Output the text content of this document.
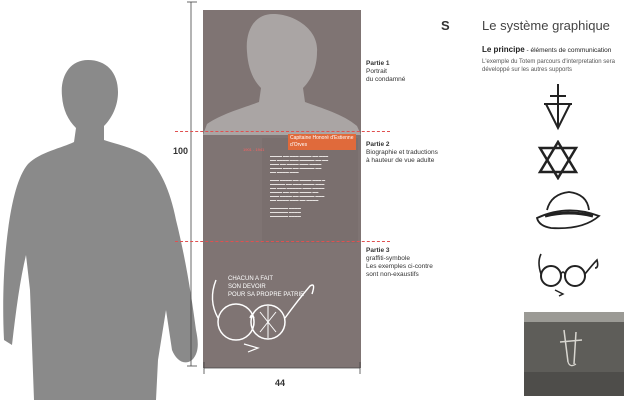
100	▬▬▬▬ ▬▬ ▬▬▬ ▬▬▬▬ ▬▬ ▬▬▬
▬▬ ▬▬▬▬ ▬▬▬ ▬▬▬▬▬ ▬▬ ▬▬
▬▬▬ ▬▬ ▬▬▬▬ ▬▬▬ ▬▬▬▬
▬▬▬▬ ▬▬▬ ▬▬ ▬▬▬▬▬ ▬▬
▬▬ ▬▬▬▬ ▬▬▬

▬▬▬ ▬▬▬▬ ▬▬ ▬▬▬▬ ▬▬▬ ▬
▬▬▬▬▬ ▬▬ ▬▬▬ ▬▬▬▬ ▬▬▬
▬▬ ▬▬▬ ▬▬▬▬▬ ▬▬▬ ▬▬▬▬
▬▬▬▬ ▬▬ ▬▬▬ ▬▬▬▬ ▬▬
▬▬▬ ▬▬▬▬ ▬▬ ▬▬▬▬▬ ▬▬▬
▬▬ ▬▬▬▬ ▬▬▬ ▬▬ ▬▬▬▬

▬▬▬▬▬▬ ▬▬▬▬
▬▬▬▬▬▬ ▬▬▬▬
▬▬▬▬▬▬ ▬▬▬▬
Capitaine Honoré d'Estienne d'Orves
1901 - 1941
CHACUN A FAIT
SON DEVOIR
POUR SA PROPRE PATRIE
44
Partie 1
Portrait
du condamné
Partie 2
Biographie et traductions
à hauteur de vue adulte
Partie 3
graffiti-symbole
Les exemples ci-contre
sont non-exaustifs
S Le système graphique
Le principe - éléments de communication
L'exemple du Totem parcours d'interpretation sera développé sur les autres supports
